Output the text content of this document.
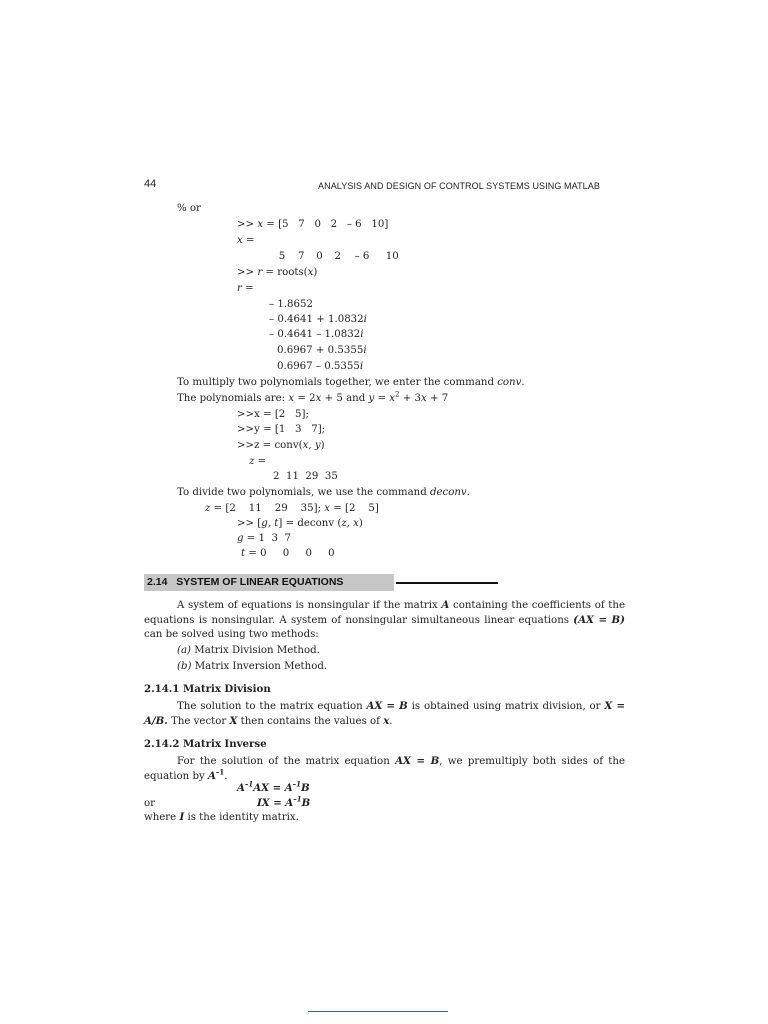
44	ANALYSIS AND DESIGN OF CONTROL SYSTEMS USING MATLAB
% or
>> x = [5   7   0   2   – 6   10]
x =
5 7 0 2 – 6 10
>> r = roots(x)
r =
– 1.8652
– 0.4641 + 1.0832i
– 0.4641 – 1.0832i
0.6967 + 0.5355i
0.6967 – 0.5355i
To multiply two polynomials together, we enter the command conv.
The polynomials are: x = 2x + 5 and $y = x^2 + 3x + 7$
>>x = [2   5];
>>y = [1   3   7];
>>z = conv(x, y)
z =
2  11  29  35
To divide two polynomials, we use the command deconv.
z = [2    11    29    35]; x = [2    5]
>> [g, t] = deconv (z, x)
g = 1  3  7
t = 0     0     0     0
2.14   SYSTEM OF LINEAR EQUATIONS
A system of equations is nonsingular if the matrix A containing the coefficients of the equations is nonsingular. A system of nonsingular simultaneous linear equations (AX = B) can be solved using two methods:
(a) Matrix Division Method.
(b) Matrix Inversion Method.
2.14.1 Matrix Division
The solution to the matrix equation AX = B is obtained using matrix division, or X = A/B. The vector X then contains the values of x.
2.14.2 Matrix Inverse
For the solution of the matrix equation AX = B, we premultiply both sides of the equation by $A^{-1}$.
$A^{-1}AX = A^{-1}B$
or	IX = $A^{-1}B$
where I is the identity matrix.
